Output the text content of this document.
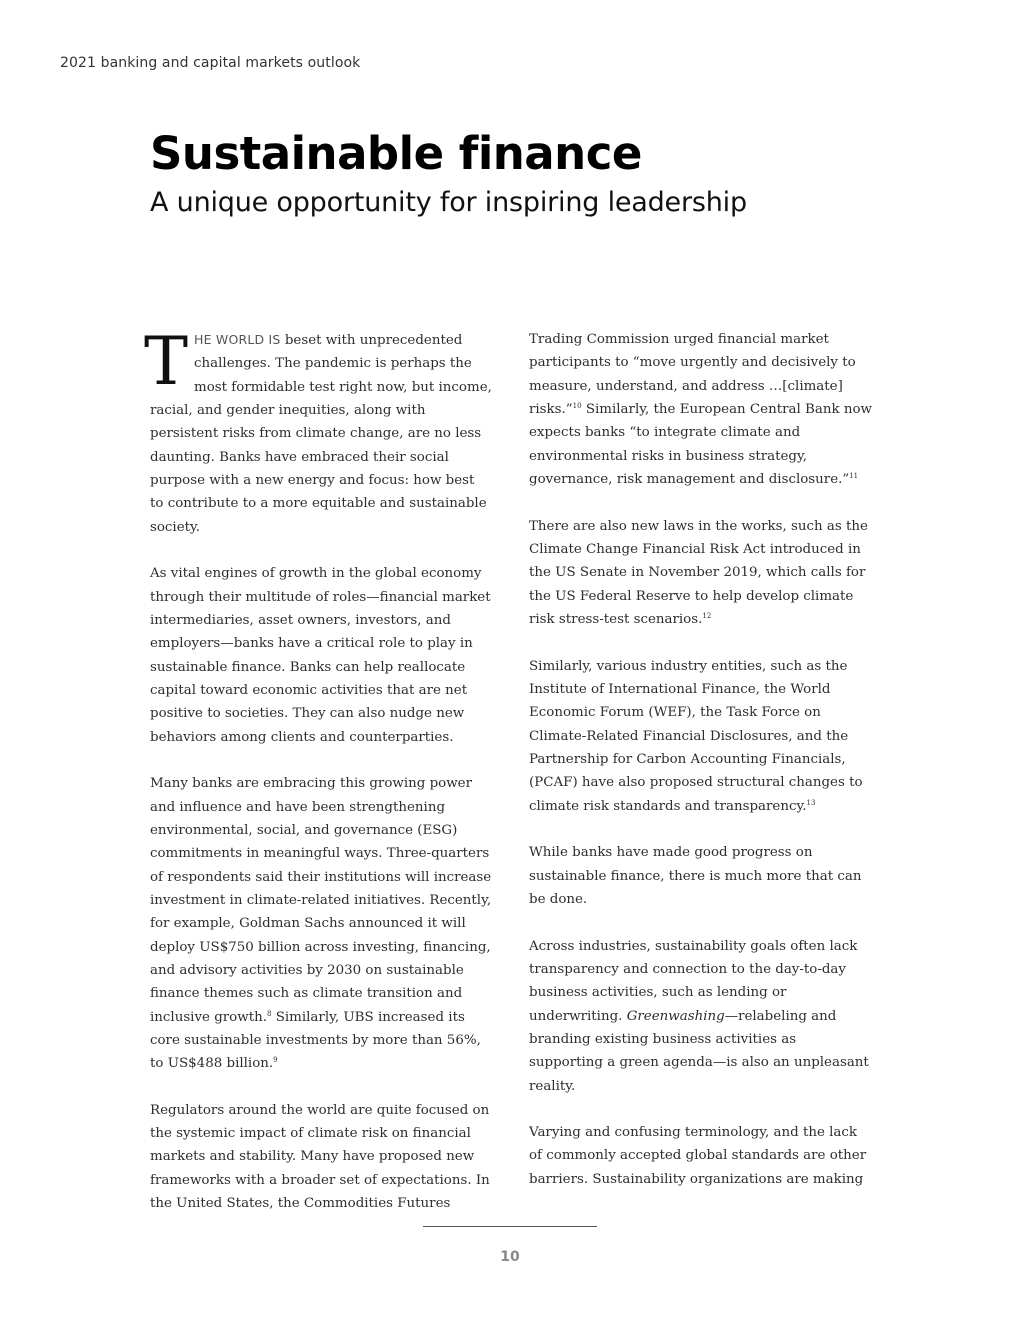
2021 banking and capital markets outlook
Sustainable finance
A unique opportunity for inspiring leadership

THE WORLD IS beset with unprecedented challenges. The pandemic is perhaps the most formidable test right now, but income, racial, and gender inequities, along with persistent risks from climate change, are no less daunting. Banks have embraced their social purpose with a new energy and focus: how best to contribute to a more equitable and sustainable society.

As vital engines of growth in the global economy through their multitude of roles—financial market intermediaries, asset owners, investors, and employers—banks have a critical role to play in sustainable finance. Banks can help reallocate capital toward economic activities that are net positive to societies. They can also nudge new behaviors among clients and counterparties.

Many banks are embracing this growing power and influence and have been strengthening environmental, social, and governance (ESG) commitments in meaningful ways. Three-quarters of respondents said their institutions will increase investment in climate-related initiatives. Recently, for example, Goldman Sachs announced it will deploy US$750 billion across investing, financing, and advisory activities by 2030 on sustainable finance themes such as climate transition and inclusive growth.$^8$ Similarly, UBS increased its core sustainable investments by more than 56%, to US$488 billion.$^9$

Regulators around the world are quite focused on the systemic impact of climate risk on financial markets and stability. Many have proposed new frameworks with a broader set of expectations. In the United States, the Commodities Futures

Trading Commission urged financial market participants to “move urgently and decisively to measure, understand, and address …[climate] risks.”$^{10}$ Similarly, the European Central Bank now expects banks “to integrate climate and environmental risks in business strategy, governance, risk management and disclosure.”$^{11}$

There are also new laws in the works, such as the Climate Change Financial Risk Act introduced in the US Senate in November 2019, which calls for the US Federal Reserve to help develop climate risk stress-test scenarios.$^{12}$

Similarly, various industry entities, such as the Institute of International Finance, the World Economic Forum (WEF), the Task Force on Climate-Related Financial Disclosures, and the Partnership for Carbon Accounting Financials, (PCAF) have also proposed structural changes to climate risk standards and transparency.$^{13}$

While banks have made good progress on sustainable finance, there is much more that can be done.

Across industries, sustainability goals often lack transparency and connection to the day-to-day business activities, such as lending or underwriting. Greenwashing—relabeling and branding existing business activities as supporting a green agenda—is also an unpleasant reality.

Varying and confusing terminology, and the lack of commonly accepted global standards are other barriers. Sustainability organizations are making

10
